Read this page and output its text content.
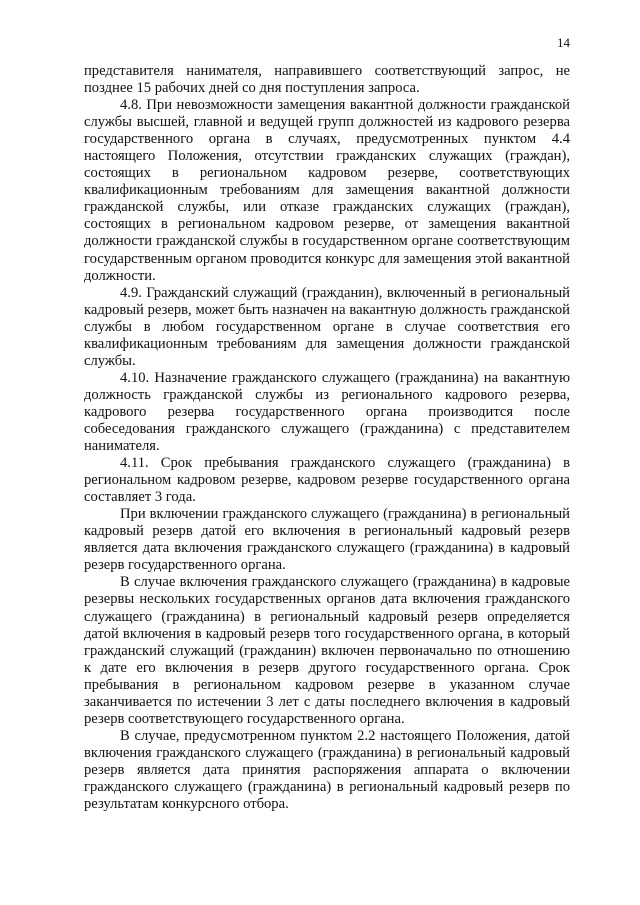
14

представителя нанимателя, направившего соответствующий запрос, не позднее 15 рабочих дней со дня поступления запроса.

4.8. При невозможности замещения вакантной должности гражданской службы высшей, главной и ведущей групп должностей из кадрового резерва государственного органа в случаях, предусмотренных пунктом 4.4 настоящего Положения, отсутствии гражданских служащих (граждан), состоящих в региональном кадровом резерве, соответствующих квалификационным требованиям для замещения вакантной должности гражданской службы, или отказе гражданских служащих (граждан), состоящих в региональном кадровом резерве, от замещения вакантной должности гражданской службы в государственном органе соответствующим государственным органом проводится конкурс для замещения этой вакантной должности.

4.9. Гражданский служащий (гражданин), включенный в региональный кадровый резерв, может быть назначен на вакантную должность гражданской службы в любом государственном органе в случае соответствия его квалификационным требованиям для замещения должности гражданской службы.

4.10. Назначение гражданского служащего (гражданина) на вакантную должность гражданской службы из регионального кадрового резерва, кадрового резерва государственного органа производится после собеседования гражданского служащего (гражданина) с представителем нанимателя.

4.11. Срок пребывания гражданского служащего (гражданина) в региональном кадровом резерве, кадровом резерве государственного органа составляет 3 года.

При включении гражданского служащего (гражданина) в региональный кадровый резерв датой его включения в региональный кадровый резерв является дата включения гражданского служащего (гражданина) в кадровый резерв государственного органа.

В случае включения гражданского служащего (гражданина) в кадровые резервы нескольких государственных органов дата включения гражданского служащего (гражданина) в региональный кадровый резерв определяется датой включения в кадровый резерв того государственного органа, в который гражданский служащий (гражданин) включен первоначально по отношению к дате его включения в резерв другого государственного органа. Срок пребывания в региональном кадровом резерве в указанном случае заканчивается по истечении 3 лет с даты последнего включения в кадровый резерв соответствующего государственного органа.

В случае, предусмотренном пунктом 2.2 настоящего Положения, датой включения гражданского служащего (гражданина) в региональный кадровый резерв является дата принятия распоряжения аппарата о включении гражданского служащего (гражданина) в региональный кадровый резерв по результатам конкурсного отбора.
